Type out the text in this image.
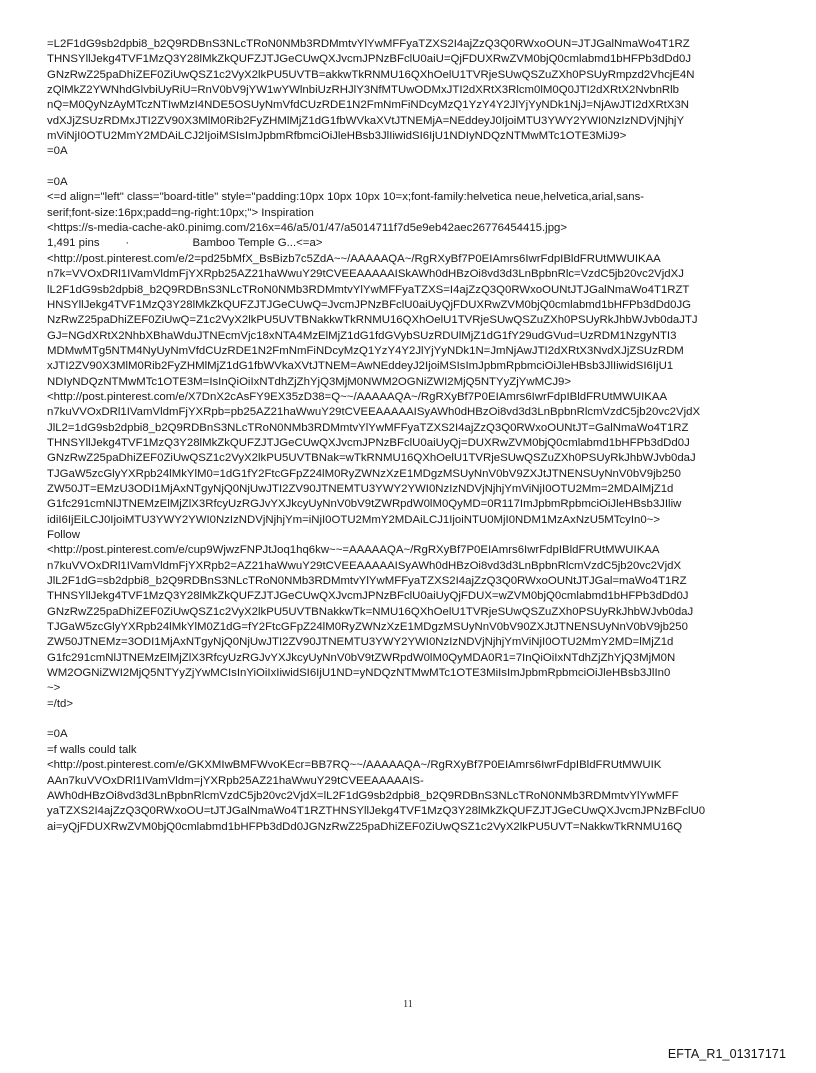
=L2F1dG9sb2dpbi8_b2Q9RDBnS3NLcTRoN0NMb3RDMmtvYlYwMFFyaTZXS2I4ajZzQ3Q0RWxoOUN=JTJGalNmaWo4T1RZ
THNSYllJekg4TVF1MzQ3Y28lMkZkQUFZJTJGeCUwQXJvcmJPNzBFclU0aiU=QjFDUXRwZVM0bjQ0cmlabmd1bHFPb3dDd0J
GNzRwZ25paDhiZEF0ZiUwQSZ1c2VyX2lkPU5UVTB=akkwTkRNMU16QXhOelU1TVRjeSUwQSZuZXh0PSUyRmpzd2VhcjE4N
zQlMkZ2YWNhdGlvbiUyRiU=RnV0bV9jYW1wYWlnbiUzRHJlY3NfMTUwODMxJTI2dXRtX3Rlcm0lM0Q0JTI2dXRtX2NvbnRlb
nQ=M0QyNzAyMTczNTIwMzI4NDE5OSUyNmVfdCUzRDE1N2FmNmFiNDcyMzQ1YzY4Y2JlYjYyNDk1NjJ=NjAwJTI2dXRtX3N
vdXJjZSUzRDMxJTI2ZV90X3MlM0Rib2FyZHMlMjZ1dG1fbWVkaXVtJTNEMjA=NEddeyJ0IjoiMTU3YWY2YWI0NzIzNDVjNjhjY
mViNjI0OTU2MmY2MDAiLCJ2IjoiMSIsImJpbmRfbmciOiJleHBsb3JlIiwidSI6IjU1NDIyNDQzNTMwMTc1OTE3MiJ9>
=0A
=0A
<=d align="left" class="board-title" style="padding:10px 10px 10px 10=x;font-family:helvetica neue,helvetica,arial,sans-
serif;font-size:16px;padd=ng-right:10px;"> Inspiration
<https://s-media-cache-ak0.pinimg.com/216x=46/a5/01/47/a5014711f7d5e9eb42aec26776454415.jpg>
1,491 pins ·	Bamboo Temple G...<=a>
<http://post.pinterest.com/e/2=pd25bMfX_BsBizb7c5ZdA~~/AAAAAQA~/RgRXyBf7P0EIAmrs6IwrFdpIBldFRUtMWUIKAA
n7k=VVOxDRl1IVamVldmFjYXRpb25AZ21haWwuY29tCVEEAAAAAISkAWh0dHBzOi8vd3d3LnBpbnRlc=VzdC5jb20vc2VjdXJ
lL2F1dG9sb2dpbi8_b2Q9RDBnS3NLcTRoN0NMb3RDMmtvYlYwMFFyaTZXS=I4ajZzQ3Q0RWxoOUNtJTJGalNmaWo4T1RZT
HNSYllJekg4TVF1MzQ3Y28lMkZkQUFZJTJGeCUwQ=JvcmJPNzBFclU0aiUyQjFDUXRwZVM0bjQ0cmlabmd1bHFPb3dDd0JG
NzRwZ25paDhiZEF0ZiUwQ=Z1c2VyX2lkPU5UVTBNakkwTkRNMU16QXhOelU1TVRjeSUwQSZuZXh0PSUyRkJhbWJvb0daJTJ
GJ=NGdXRtX2NhbXBhaWduJTNEcmVjc18xNTA4MzElMjZ1dG1fdGVybSUzRDUlMjZ1dG1fY29udGVud=UzRDM1NzgyNTI3
MDMwMTg5NTM4NyUyNmVfdCUzRDE1N2FmNmFiNDcyMzQ1YzY4Y2JlYjYyNDk1N=JmNjAwJTI2dXRtX3NvdXJjZSUzRDM
xJTI2ZV90X3MlM0Rib2FyZHMlMjZ1dG1fbWVkaXVtJTNEM=AwNEddeyJ2IjoiMSIsImJpbmRpbmciOiJleHBsb3JlIiwidSI6IjU1
NDIyNDQzNTMwMTc1OTE3M=IsInQiOiIxNTdhZjZhYjQ3MjM0NWM2OGNiZWI2MjQ5NTYyZjYwMCJ9>
<http://post.pinterest.com/e/X7DnX2cAsFY9EX35zD38=Q~~/AAAAAQA~/RgRXyBf7P0EIAmrs6IwrFdpIBldFRUtMWUIKAA
n7kuVVOxDRl1IVamVldmFjYXRpb=pb25AZ21haWwuY29tCVEEAAAAAISyAWh0dHBzOi8vd3d3LnBpbnRlcmVzdC5jb20vc2VjdX
JlL2=1dG9sb2dpbi8_b2Q9RDBnS3NLcTRoN0NMb3RDMmtvYlYwMFFyaTZXS2I4ajZzQ3Q0RWxoOUNtJT=GalNmaWo4T1RZ
THNSYllJekg4TVF1MzQ3Y28lMkZkQUFZJTJGeCUwQXJvcmJPNzBFclU0aiUyQj=DUXRwZVM0bjQ0cmlabmd1bHFPb3dDd0J
GNzRwZ25paDhiZEF0ZiUwQSZ1c2VyX2lkPU5UVTBNak=wTkRNMU16QXhOelU1TVRjeSUwQSZuZXh0PSUyRkJhbWJvb0daJ
TJGaW5zcGlyYXRpb24lMkYlM0=1dG1fY2FtcGFpZ24lM0RyZWNzXzE1MDgzMSUyNnV0bV9ZXJtJTNENSUyNnV0bV9jb250
ZW50JT=EMzU3ODI1MjAxNTgyNjQ0NjUwJTI2ZV90JTNEMTU3YWY2YWI0NzIzNDVjNjhjYmViNjI0OTU2Mm=2MDAlMjZ1d
G1fc291cmNlJTNEMzElMjZlX3RfcyUzRGJvYXJkcyUyNnV0bV9tZWRpdW0lM0QyMD=0R117ImJpbmRpbmciOiJleHBsb3JIliw
idiI6IjEiLCJ0IjoiMTU3YWY2YWI0NzIzNDVjNjhjYm=iNjI0OTU2MmY2MDAiLCJ1IjoiNTU0MjI0NDM1MzAxNzU5MTcyIn0~>
Follow
<http://post.pinterest.com/e/cup9WjwzFNPJtJoq1hq6kw~~=AAAAAQA~/RgRXyBf7P0EIAmrs6IwrFdpIBldFRUtMWUIKAA
n7kuVVOxDRl1IVamVldmFjYXRpb2=AZ21haWwuY29tCVEEAAAAAISyAWh0dHBzOi8vd3d3LnBpbnRlcmVzdC5jb20vc2VjdX
JlL2F1dG=sb2dpbi8_b2Q9RDBnS3NLcTRoN0NMb3RDMmtvYlYwMFFyaTZXS2I4ajZzQ3Q0RWxoOUNtJTJGal=maWo4T1RZ
THNSYllJekg4TVF1MzQ3Y28lMkZkQUFZJTJGeCUwQXJvcmJPNzBFclU0aiUyQjFDUX=wZVM0bjQ0cmlabmd1bHFPb3dDd0J
GNzRwZ25paDhiZEF0ZiUwQSZ1c2VyX2lkPU5UVTBNakkwTk=NMU16QXhOelU1TVRjeSUwQSZuZXh0PSUyRkJhbWJvb0daJ
TJGaW5zcGlyYXRpb24lMkYlM0Z1dG=fY2FtcGFpZ24lM0RyZWNzXzE1MDgzMSUyNnV0bV90ZXJtJTNENSUyNnV0bV9jb250
ZW50JTNEMz=3ODI1MjAxNTgyNjQ0NjUwJTI2ZV90JTNEMTU3YWY2YWI0NzIzNDVjNjhjYmViNjI0OTU2MmY2MD=lMjZ1d
G1fc291cmNlJTNEMzElMjZlX3RfcyUzRGJvYXJkcyUyNnV0bV9tZWRpdW0lM0QyMDA0R1=7InQiOiIxNTdhZjZhYjQ3MjM0N
WM2OGNiZWI2MjQ5NTYyZjYwMCIsInYiOiIxIiwidSI6IjU1ND=yNDQzNTMwMTc1OTE3MiIsImJpbmRpbmciOiJleHBsb3JlIn0
~>
=/td>
=0A
=f walls could talk
<http://post.pinterest.com/e/GKXMIwBMFWvoKEcr=BB7RQ~~/AAAAAQA~/RgRXyBf7P0EIAmrs6IwrFdpIBldFRUtMWUIK
AAn7kuVVOxDRl1IVamVldm=jYXRpb25AZ21haWwuY29tCVEEAAAAAIS-
AWh0dHBzOi8vd3d3LnBpbnRlcmVzdC5jb20vc2VjdX=lL2F1dG9sb2dpbi8_b2Q9RDBnS3NLcTRoN0NMb3RDMmtvYlYwMFF
yaTZXS2I4ajZzQ3Q0RWxoOU=tJTJGalNmaWo4T1RZTHNSYllJekg4TVF1MzQ3Y28lMkZkQUFZJTJGeCUwQXJvcmJPNzBFclU0
ai=yQjFDUXRwZVM0bjQ0cmlabmd1bHFPb3dDd0JGNzRwZ25paDhiZEF0ZiUwQSZ1c2VyX2lkPU5UVT=NakkwTkRNMU16Q
11
EFTA_R1_01317171
